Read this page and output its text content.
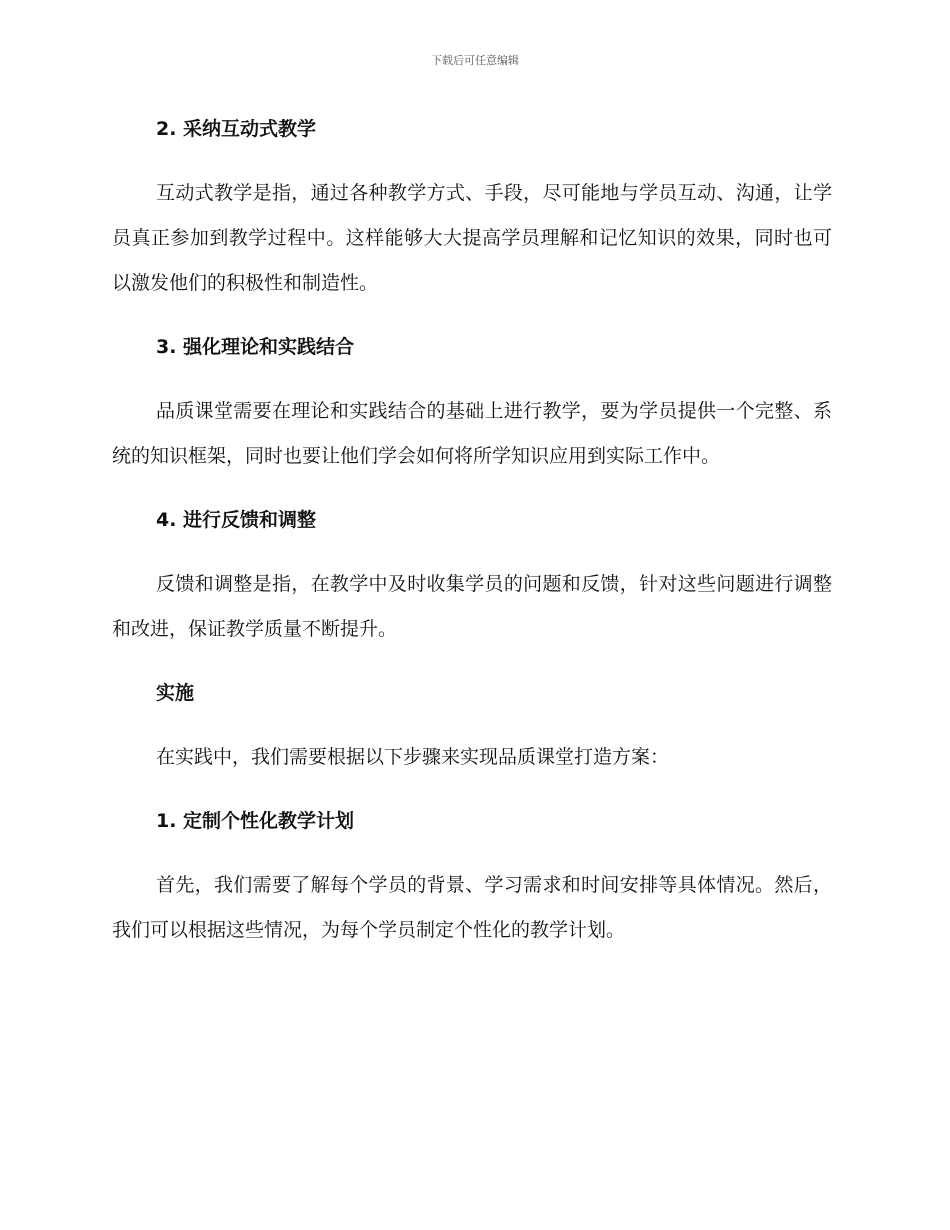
下载后可任意编辑
2. 采纳互动式教学

互动式教学是指，通过各种教学方式、手段，尽可能地与学员互动、沟通，让学员真正参加到教学过程中。这样能够大大提高学员理解和记忆知识的效果，同时也可以激发他们的积极性和制造性。

3. 强化理论和实践结合

品质课堂需要在理论和实践结合的基础上进行教学，要为学员提供一个完整、系统的知识框架，同时也要让他们学会如何将所学知识应用到实际工作中。

4. 进行反馈和调整

反馈和调整是指，在教学中及时收集学员的问题和反馈，针对这些问题进行调整和改进，保证教学质量不断提升。

实施

在实践中，我们需要根据以下步骤来实现品质课堂打造方案：

1. 定制个性化教学计划

首先，我们需要了解每个学员的背景、学习需求和时间安排等具体情况。然后，我们可以根据这些情况，为每个学员制定个性化的教学计划。
